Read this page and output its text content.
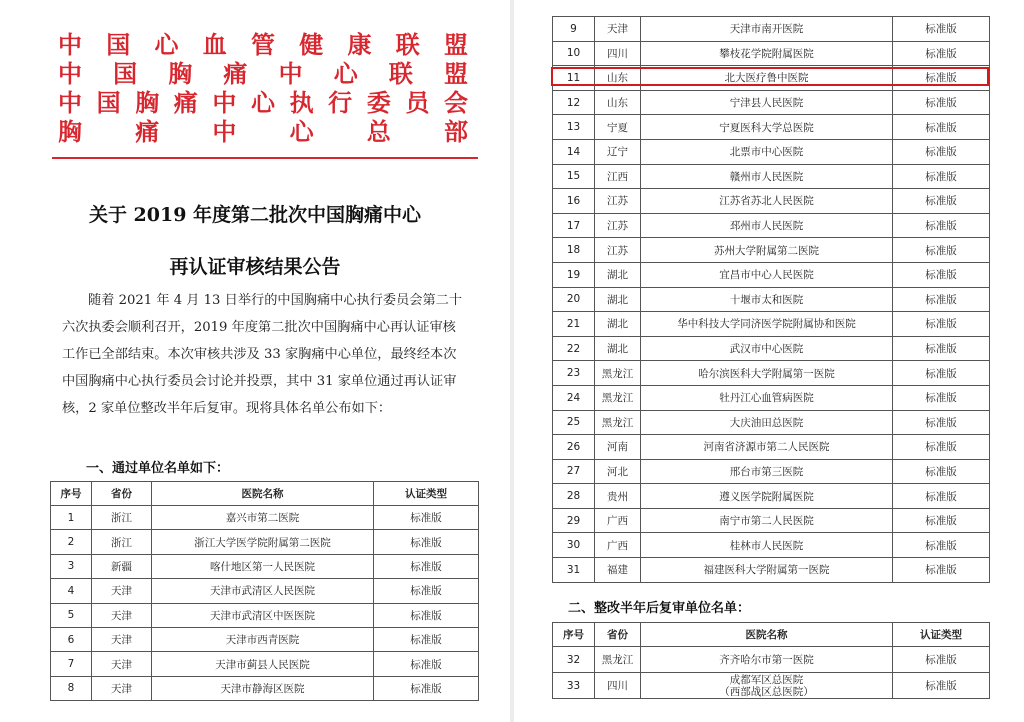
中 国 心 血 管 健 康 联 盟
中 国 胸 痛 中 心 联 盟
中 国 胸 痛 中 心 执 行 委 员 会
胸 痛 中 心 总 部
关于 2019 年度第二批次中国胸痛中心
再认证审核结果公告
随着 2021 年 4 月 13 日举行的中国胸痛中心执行委员会第二十
六次执委会顺利召开，2019 年度第二批次中国胸痛中心再认证审核
工作已全部结束。本次审核共涉及 33 家胸痛中心单位，最终经本次
中国胸痛中心执行委员会讨论并投票，其中 31 家单位通过再认证审
核，2 家单位整改半年后复审。现将具体名单公布如下：
一、通过单位名单如下：
序号	省份	医院名称	认证类型
1	浙江	嘉兴市第二医院	标准版
2	浙江	浙江大学医学院附属第二医院	标准版
3	新疆	喀什地区第一人民医院	标准版
4	天津	天津市武清区人民医院	标准版
5	天津	天津市武清区中医医院	标准版
6	天津	天津市西青医院	标准版
7	天津	天津市蓟县人民医院	标准版
8	天津	天津市静海区医院	标准版
9	天津	天津市南开医院	标准版
10	四川	攀枝花学院附属医院	标准版
11	山东	北大医疗鲁中医院	标准版
12	山东	宁津县人民医院	标准版
13	宁夏	宁夏医科大学总医院	标准版
14	辽宁	北票市中心医院	标准版
15	江西	赣州市人民医院	标准版
16	江苏	江苏省苏北人民医院	标准版
17	江苏	邳州市人民医院	标准版
18	江苏	苏州大学附属第二医院	标准版
19	湖北	宜昌市中心人民医院	标准版
20	湖北	十堰市太和医院	标准版
21	湖北	华中科技大学同济医学院附属协和医院	标准版
22	湖北	武汉市中心医院	标准版
23	黑龙江	哈尔滨医科大学附属第一医院	标准版
24	黑龙江	牡丹江心血管病医院	标准版
25	黑龙江	大庆油田总医院	标准版
26	河南	河南省济源市第二人民医院	标准版
27	河北	邢台市第三医院	标准版
28	贵州	遵义医学院附属医院	标准版
29	广西	南宁市第二人民医院	标准版
30	广西	桂林市人民医院	标准版
31	福建	福建医科大学附属第一医院	标准版
二、整改半年后复审单位名单：
序号	省份	医院名称	认证类型
32	黑龙江	齐齐哈尔市第一医院	标准版
33	四川	成都军区总医院
（西部战区总医院）	标准版
